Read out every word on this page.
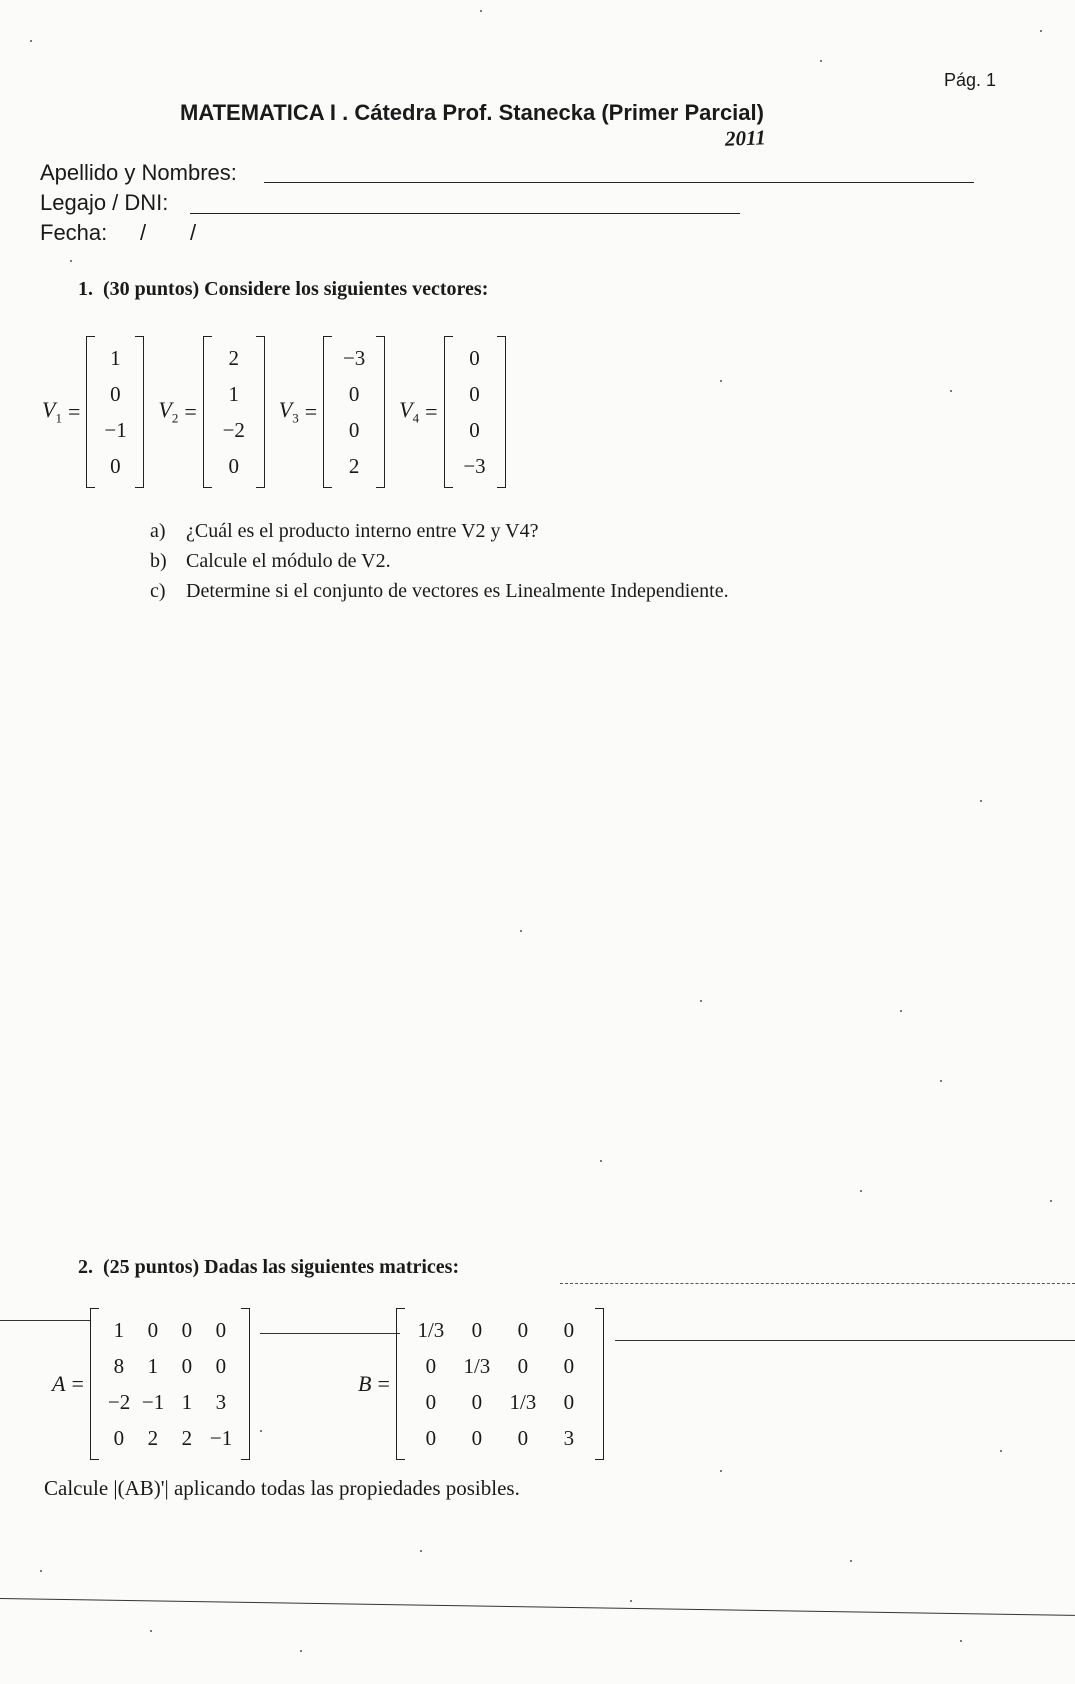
Pág. 1
MATEMATICA I . Cátedra Prof. Stanecka (Primer Parcial)
2011
Apellido y Nombres:
Legajo / DNI:
Fecha: / /
1. (30 puntos) Considere los siguientes vectores:
$V_1$ =
1
0
−1
0
$V_2$ =
2
1
−2
0
$V_3$ =
−3
0
0
2
$V_4$ =
0
0
0
−3
a)	¿Cuál es el producto interno entre V2 y V4?
b) Calcule el módulo de V2.
c)	Determine si el conjunto de vectores es Linealmente Independiente.
2. (25 puntos) Dadas las siguientes matrices:
A =
1	0	0	0
8	1	0	0
−2 −1 1	3
0	2	2 −1
B =
1/3	0	0	0
0	1/3	0	0
0	0	1/3	0
0	0	0	3
Calcule |(AB)'| aplicando todas las propiedades posibles.
